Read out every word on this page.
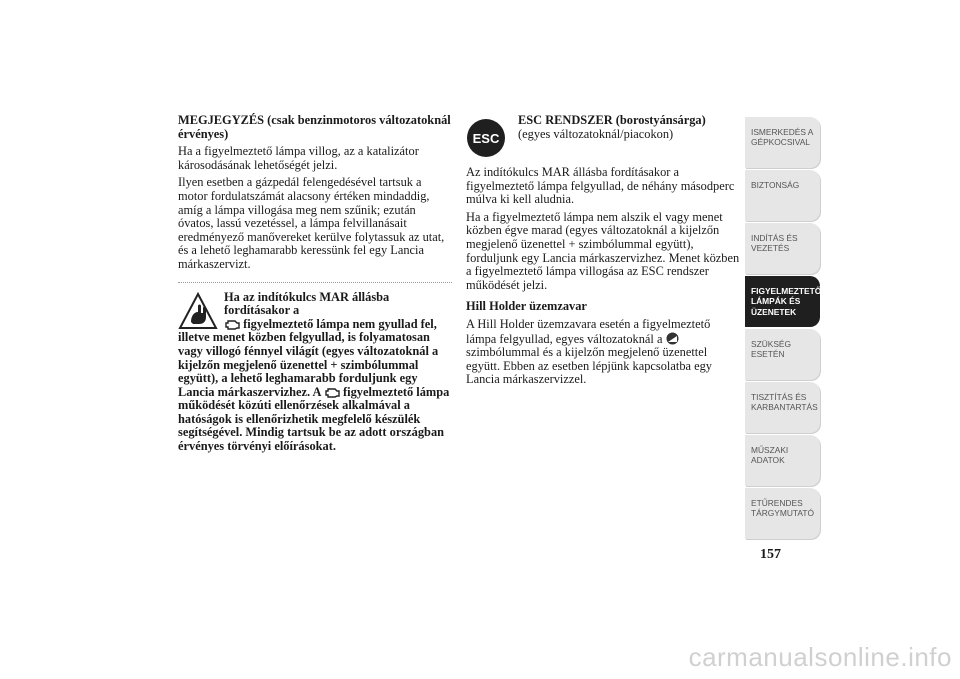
MEGJEGYZÉS (csak benzinmotoros változatoknál érvényes)

Ha a figyelmeztető lámpa villog, az a katalizátor károsodásának lehetőségét jelzi.

Ilyen esetben a gázpedál felengedésével tartsuk a motor fordulatszámát alacsony értéken mindaddig, amíg a lámpa villogása meg nem szűnik; ezután óvatos, lassú vezetéssel, a lámpa felvillanásait eredményező manővereket kerülve folytassuk az utat, és a lehető leghamarabb keressünk fel egy Lancia márkaszervizt.

Ha az indítókulcs MAR állásba fordításakor a
figyelmeztető lámpa nem gyullad fel, illetve menet közben felgyullad, is folyamatosan vagy villogó fénnyel világít (egyes változatoknál a kijelzőn megjelenő üzenettel + szimbólummal együtt), a lehető leghamarabb forduljunk egy Lancia márkaszervizhez. A figyelmeztető lámpa működését közúti ellenőrzések alkalmával a hatóságok is ellenőrizhetik megfelelő készülék segítségével. Mindig tartsuk be az adott országban érvényes törvényi előírásokat.
ESC

ESC RENDSZER (borostyánsárga)

(egyes változatoknál/piacokon)

Az indítókulcs MAR állásba fordításakor a figyelmeztető lámpa felgyullad, de néhány másodperc múlva ki kell aludnia.

Ha a figyelmeztető lámpa nem alszik el vagy menet közben égve marad (egyes változatoknál a kijelzőn megjelenő üzenettel + szimbólummal együtt), forduljunk egy Lancia márkaszervizhez. Menet közben a figyelmeztető lámpa villogása az ESC rendszer működését jelzi.

Hill Holder üzemzavar

A Hill Holder üzemzavara esetén a figyelmeztető lámpa felgyullad, egyes változatoknál a  szimbólummal és a kijelzőn megjelenő üzenettel együtt. Ebben az esetben lépjünk kapcsolatba egy Lancia márkaszervizzel.

ISMERKEDÉS A GÉPKOCSIVAL
BIZTONSÁG
INDÍTÁS ÉS VEZETÉS
FIGYELMEZTETŐ LÁMPÁK ÉS ÜZENETEK
SZÜKSÉG ESETÉN
TISZTÍTÁS ÉS KARBANTARTÁS
MŰSZAKI ADATOK
ETŰRENDES TÁRGYMUTATÓ
157
carmanualsonline.info
